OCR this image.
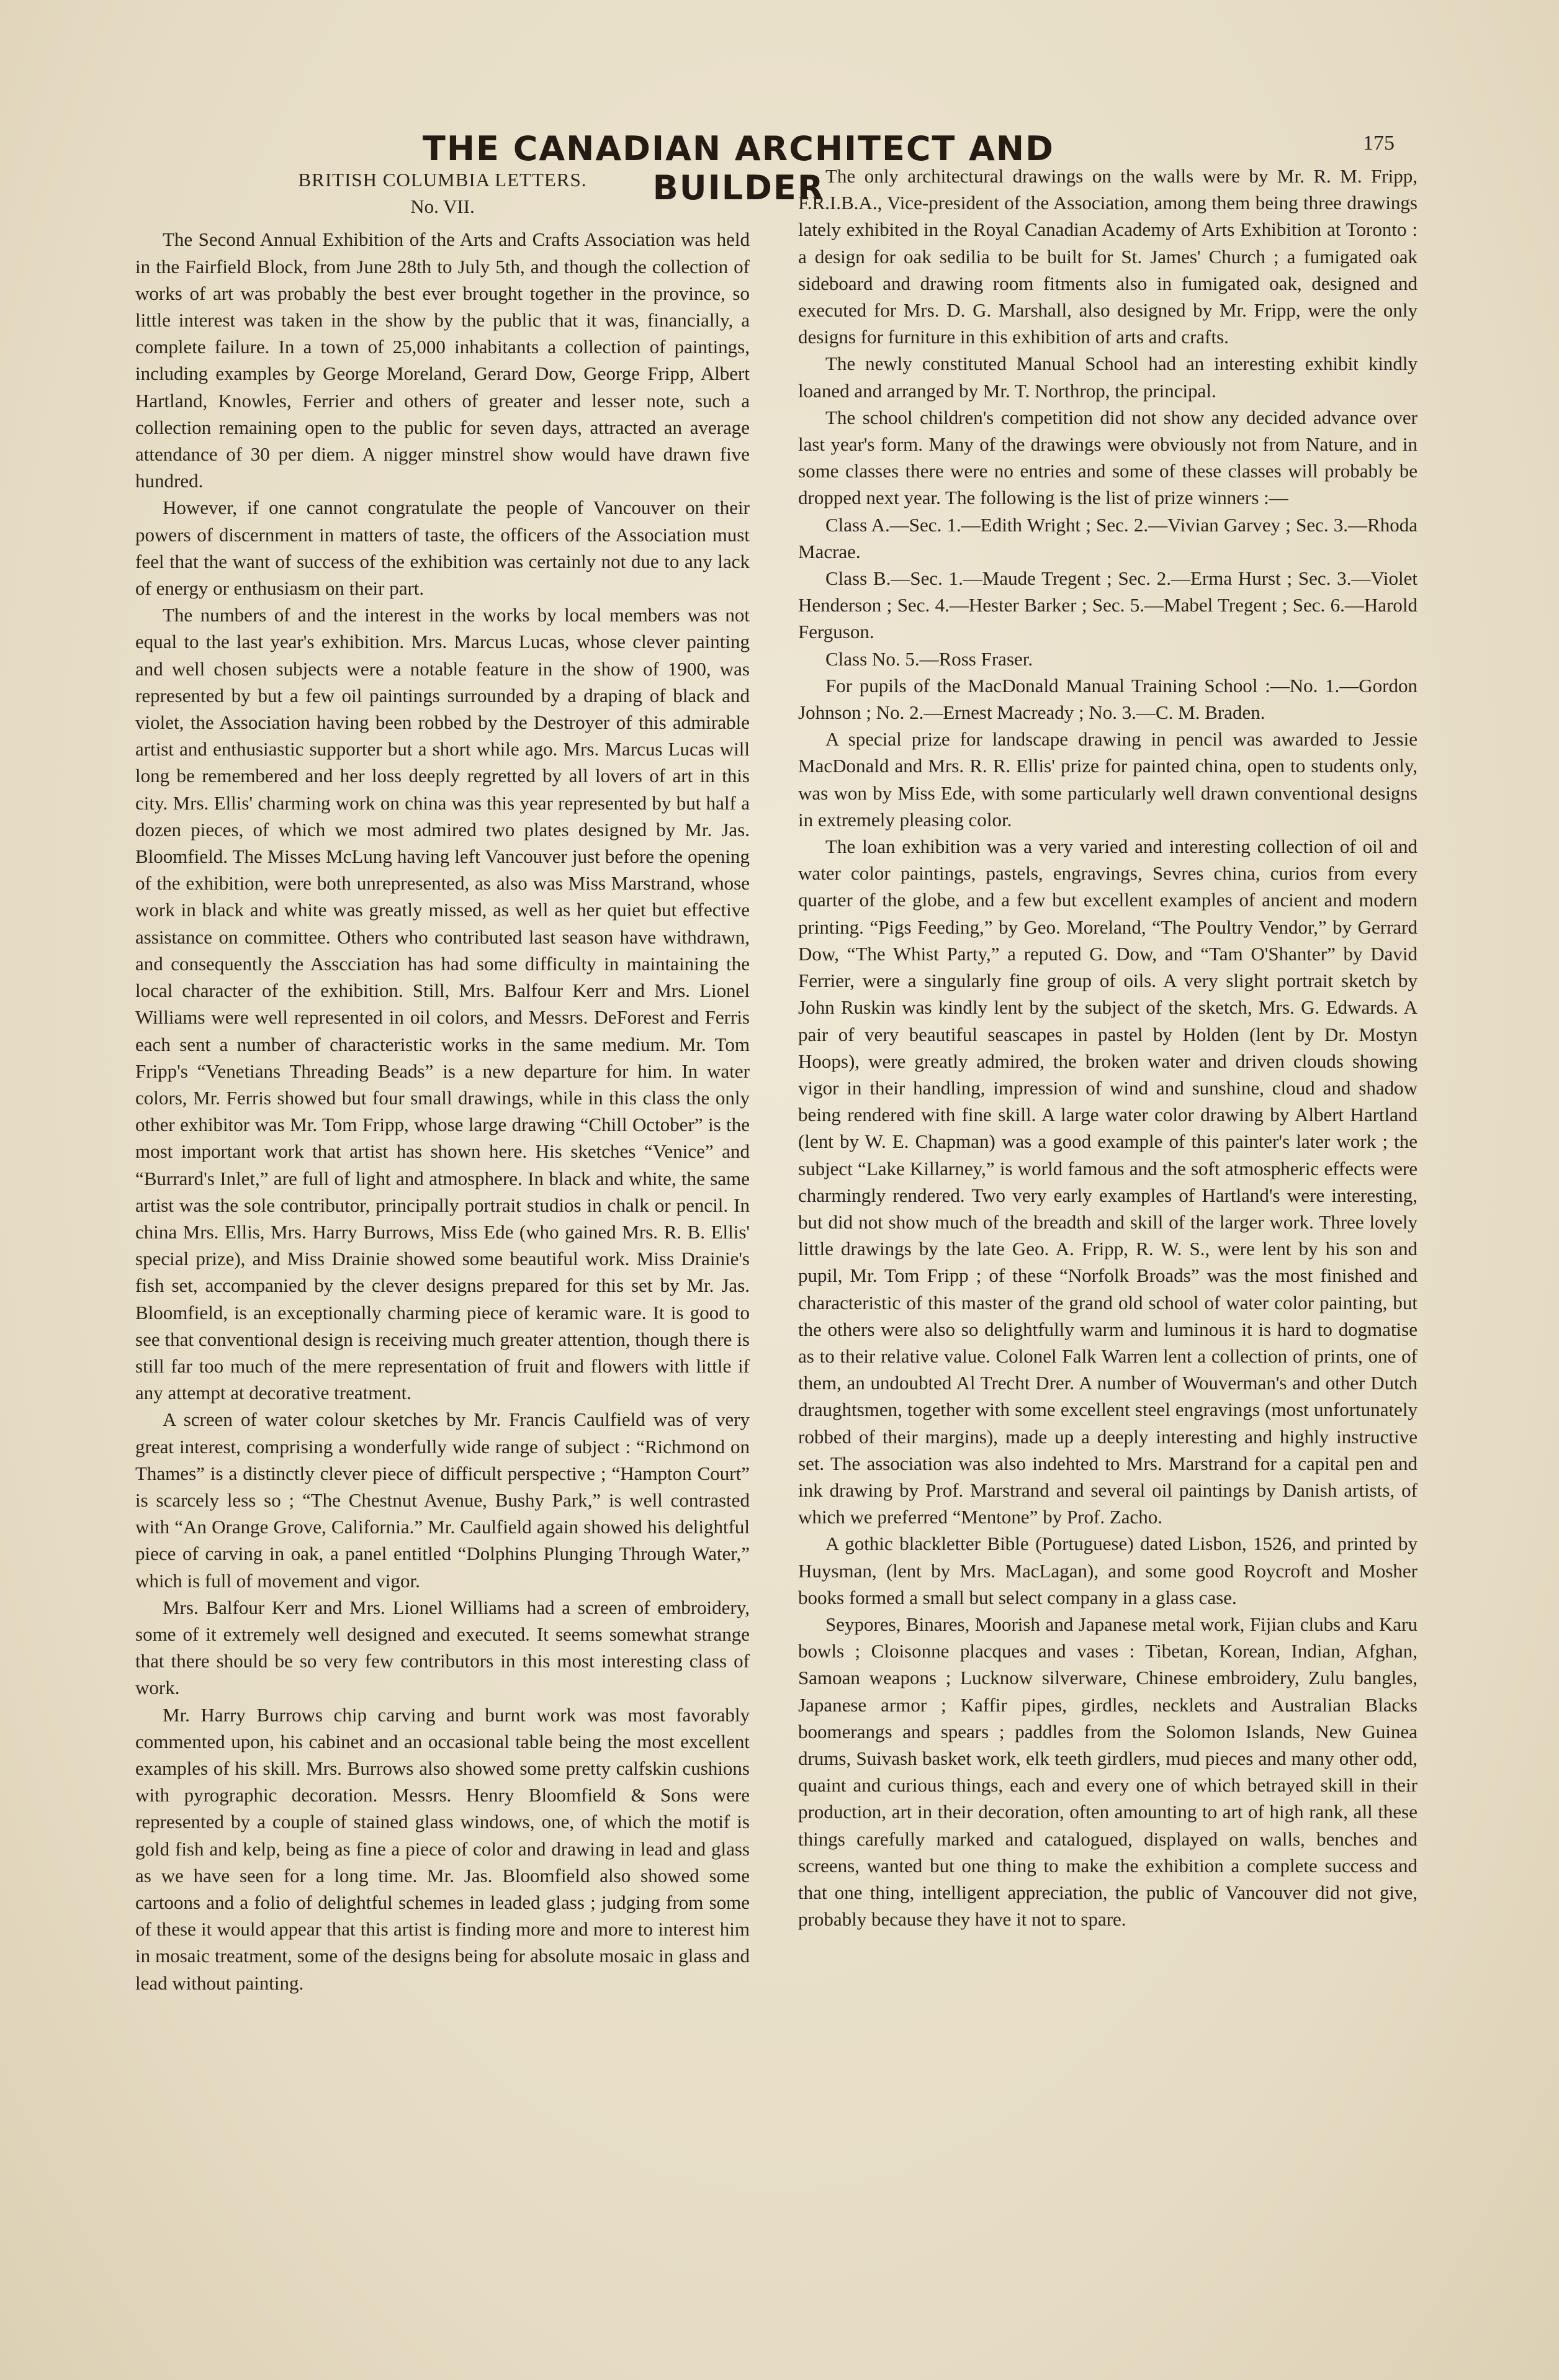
THE CANADIAN ARCHITECT AND BUILDER
175
BRITISH COLUMBIA LETTERS.
No. VII.

The Second Annual Exhibition of the Arts and Crafts Association was held in the Fairfield Block, from June 28th to July 5th, and though the collection of works of art was probably the best ever brought together in the province, so little interest was taken in the show by the public that it was, financially, a complete failure. In a town of 25,000 inhabitants a collection of paintings, including examples by George Moreland, Gerard Dow, George Fripp, Albert Hartland, Knowles, Ferrier and others of greater and lesser note, such a collection remaining open to the public for seven days, attracted an average attendance of 30 per diem. A nigger minstrel show would have drawn five hundred.

However, if one cannot congratulate the people of Vancouver on their powers of discernment in matters of taste, the officers of the Association must feel that the want of success of the exhibition was certainly not due to any lack of energy or enthusiasm on their part.

The numbers of and the interest in the works by local members was not equal to the last year's exhibition. Mrs. Marcus Lucas, whose clever painting and well chosen subjects were a notable feature in the show of 1900, was represented by but a few oil paintings surrounded by a draping of black and violet, the Association having been robbed by the Destroyer of this admirable artist and enthusiastic supporter but a short while ago. Mrs. Marcus Lucas will long be remembered and her loss deeply regretted by all lovers of art in this city. Mrs. Ellis' charming work on china was this year represented by but half a dozen pieces, of which we most admired two plates designed by Mr. Jas. Bloomfield. The Misses McLung having left Vancouver just before the opening of the exhibition, were both unrepresented, as also was Miss Marstrand, whose work in black and white was greatly missed, as well as her quiet but effective assistance on committee. Others who contributed last season have withdrawn, and consequently the Asscciation has had some difficulty in maintaining the local character of the exhibition. Still, Mrs. Balfour Kerr and Mrs. Lionel Williams were well represented in oil colors, and Messrs. DeForest and Ferris each sent a number of characteristic works in the same medium. Mr. Tom Fripp's “Venetians Threading Beads” is a new departure for him. In water colors, Mr. Ferris showed but four small drawings, while in this class the only other exhibitor was Mr. Tom Fripp, whose large drawing “Chill October” is the most important work that artist has shown here. His sketches “Venice” and “Burrard's Inlet,” are full of light and atmosphere. In black and white, the same artist was the sole contributor, principally portrait studios in chalk or pencil. In china Mrs. Ellis, Mrs. Harry Burrows, Miss Ede (who gained Mrs. R. B. Ellis' special prize), and Miss Drainie showed some beautiful work. Miss Drainie's fish set, accompanied by the clever designs prepared for this set by Mr. Jas. Bloomfield, is an exceptionally charming piece of keramic ware. It is good to see that conventional design is receiving much greater attention, though there is still far too much of the mere representation of fruit and flowers with little if any attempt at decorative treatment.

A screen of water colour sketches by Mr. Francis Caulfield was of very great interest, comprising a wonderfully wide range of subject : “Richmond on Thames” is a distinctly clever piece of difficult perspective ; “Hampton Court” is scarcely less so ; “The Chestnut Avenue, Bushy Park,” is well contrasted with “An Orange Grove, California.” Mr. Caulfield again showed his delightful piece of carving in oak, a panel entitled “Dolphins Plunging Through Water,” which is full of movement and vigor.

Mrs. Balfour Kerr and Mrs. Lionel Williams had a screen of embroidery, some of it extremely well designed and executed. It seems somewhat strange that there should be so very few contributors in this most interesting class of work.

Mr. Harry Burrows chip carving and burnt work was most favorably commented upon, his cabinet and an occasional table being the most excellent examples of his skill. Mrs. Burrows also showed some pretty calfskin cushions with pyrographic decoration. Messrs. Henry Bloomfield & Sons were represented by a couple of stained glass windows, one, of which the motif is gold fish and kelp, being as fine a piece of color and drawing in lead and glass as we have seen for a long time. Mr. Jas. Bloomfield also showed some cartoons and a folio of delightful schemes in leaded glass ; judging from some of these it would appear that this artist is finding more and more to interest him in mosaic treatment, some of the designs being for absolute mosaic in glass and lead without painting.

The only architectural drawings on the walls were by Mr. R. M. Fripp, F.R.I.B.A., Vice-president of the Association, among them being three drawings lately exhibited in the Royal Canadian Academy of Arts Exhibition at Toronto : a design for oak sedilia to be built for St. James' Church ; a fumigated oak sideboard and drawing room fitments also in fumigated oak, designed and executed for Mrs. D. G. Marshall, also designed by Mr. Fripp, were the only designs for furniture in this exhibition of arts and crafts.

The newly constituted Manual School had an interesting exhibit kindly loaned and arranged by Mr. T. Northrop, the principal.

The school children's competition did not show any decided advance over last year's form. Many of the drawings were obviously not from Nature, and in some classes there were no entries and some of these classes will probably be dropped next year. The following is the list of prize winners :—

Class A.—Sec. 1.—Edith Wright ; Sec. 2.—Vivian Garvey ; Sec. 3.—Rhoda Macrae.

Class B.—Sec. 1.—Maude Tregent ; Sec. 2.—Erma Hurst ; Sec. 3.—Violet Henderson ; Sec. 4.—Hester Barker ; Sec. 5.—Mabel Tregent ; Sec. 6.—Harold Ferguson.

Class No. 5.—Ross Fraser.

For pupils of the MacDonald Manual Training School :—No. 1.—Gordon Johnson ; No. 2.—Ernest Macready ; No. 3.—C. M. Braden.

A special prize for landscape drawing in pencil was awarded to Jessie MacDonald and Mrs. R. R. Ellis' prize for painted china, open to students only, was won by Miss Ede, with some particularly well drawn conventional designs in extremely pleasing color.

The loan exhibition was a very varied and interesting collection of oil and water color paintings, pastels, engravings, Sevres china, curios from every quarter of the globe, and a few but excellent examples of ancient and modern printing. “Pigs Feeding,” by Geo. Moreland, “The Poultry Vendor,” by Gerrard Dow, “The Whist Party,” a reputed G. Dow, and “Tam O'Shanter” by David Ferrier, were a singularly fine group of oils. A very slight portrait sketch by John Ruskin was kindly lent by the subject of the sketch, Mrs. G. Edwards. A pair of very beautiful seascapes in pastel by Holden (lent by Dr. Mostyn Hoops), were greatly admired, the broken water and driven clouds showing vigor in their handling, impression of wind and sunshine, cloud and shadow being rendered with fine skill. A large water color drawing by Albert Hartland (lent by W. E. Chapman) was a good example of this painter's later work ; the subject “Lake Killarney,” is world famous and the soft atmospheric effects were charmingly rendered. Two very early examples of Hartland's were interesting, but did not show much of the breadth and skill of the larger work. Three lovely little drawings by the late Geo. A. Fripp, R. W. S., were lent by his son and pupil, Mr. Tom Fripp ; of these “Norfolk Broads” was the most finished and characteristic of this master of the grand old school of water color painting, but the others were also so delightfully warm and luminous it is hard to dogmatise as to their relative value. Colonel Falk Warren lent a collection of prints, one of them, an undoubted Al Trecht Drer. A number of Wouverman's and other Dutch draughtsmen, together with some excellent steel engravings (most unfortunately robbed of their margins), made up a deeply interesting and highly instructive set. The association was also indehted to Mrs. Marstrand for a capital pen and ink drawing by Prof. Marstrand and several oil paintings by Danish artists, of which we preferred “Mentone” by Prof. Zacho.

A gothic blackletter Bible (Portuguese) dated Lisbon, 1526, and printed by Huysman, (lent by Mrs. MacLagan), and some good Roycroft and Mosher books formed a small but select company in a glass case.

Seypores, Binares, Moorish and Japanese metal work, Fijian clubs and Karu bowls ; Cloisonne placques and vases : Tibetan, Korean, Indian, Afghan, Samoan weapons ; Lucknow silverware, Chinese embroidery, Zulu bangles, Japanese armor ; Kaffir pipes, girdles, necklets and Australian Blacks boomerangs and spears ; paddles from the Solomon Islands, New Guinea drums, Suivash basket work, elk teeth girdlers, mud pieces and many other odd, quaint and curious things, each and every one of which betrayed skill in their production, art in their decoration, often amounting to art of high rank, all these things carefully marked and catalogued, displayed on walls, benches and screens, wanted but one thing to make the exhibition a complete success and that one thing, intelligent appreciation, the public of Vancouver did not give, probably because they have it not to spare.
